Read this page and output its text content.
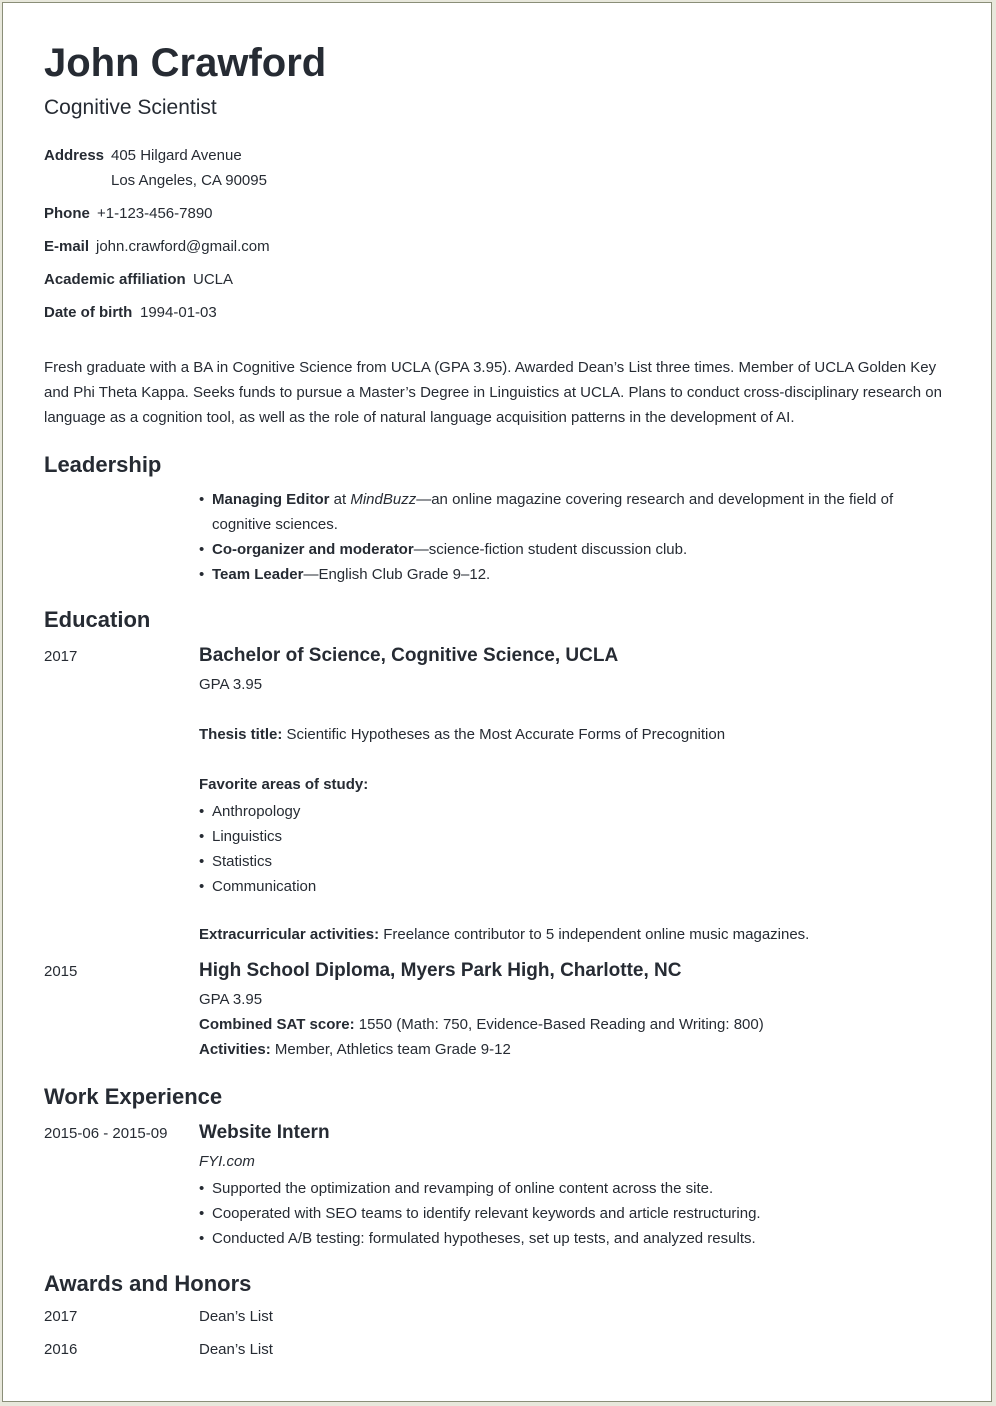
John Crawford
Cognitive Scientist
Address 405 Hilgard Avenue
Los Angeles, CA 90095
Phone +1-123-456-7890
E-mail john.crawford@gmail.com
Academic affiliation UCLA
Date of birth 1994-01-03
Fresh graduate with a BA in Cognitive Science from UCLA (GPA 3.95). Awarded Dean’s List three times. Member of UCLA Golden Key and Phi Theta Kappa. Seeks funds to pursue a Master’s Degree in Linguistics at UCLA. Plans to conduct cross-disciplinary research on language as a cognition tool, as well as the role of natural language acquisition patterns in the development of AI.
Leadership
• Managing Editor at MindBuzz—an online magazine covering research and development in the field of cognitive sciences.
• Co-organizer and moderator—science-fiction student discussion club.
• Team Leader—English Club Grade 9–12.
Education
2017	Bachelor of Science, Cognitive Science, UCLA
GPA 3.95
Thesis title: Scientific Hypotheses as the Most Accurate Forms of Precognition
Favorite areas of study:
• Anthropology
• Linguistics
• Statistics
• Communication
Extracurricular activities: Freelance contributor to 5 independent online music magazines.
2015	High School Diploma, Myers Park High, Charlotte, NC
GPA 3.95
Combined SAT score: 1550 (Math: 750, Evidence-Based Reading and Writing: 800)
Activities: Member, Athletics team Grade 9-12
Work Experience
2015-06 - 2015-09 Website Intern
FYI.com
• Supported the optimization and revamping of online content across the site.
• Cooperated with SEO teams to identify relevant keywords and article restructuring.
• Conducted A/B testing: formulated hypotheses, set up tests, and analyzed results.
Awards and Honors
2017	Dean’s List
2016	Dean’s List
